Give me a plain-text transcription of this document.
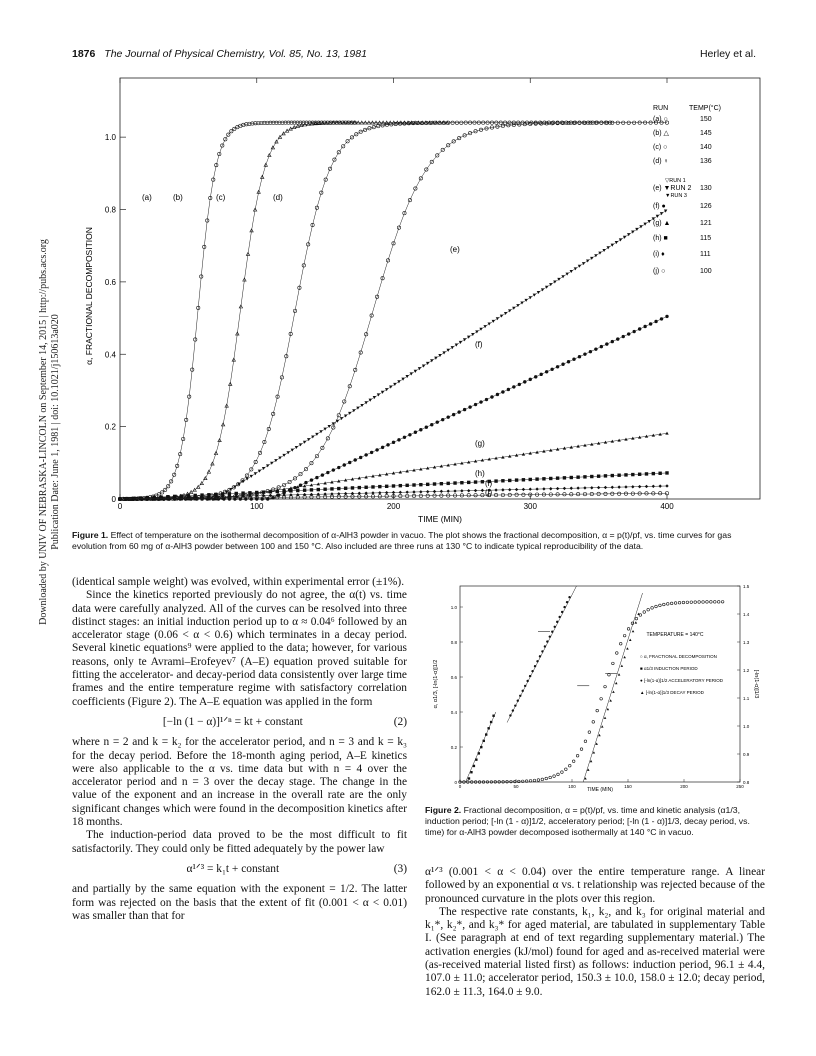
1876 The Journal of Physical Chemistry, Vol. 85, No. 13, 1981	Herley et al.
Downloaded by UNIV OF NEBRASKA-LINCOLN on September 14, 2015 | http://pubs.acs.org Publication Date: June 1, 1981 | doi: 10.1021/j150613a020	0	100	200	300	400
0
0.2
0.4
0.6
0.8
1.0
(a)	(b)	(c)	(d)
(e)
(f)
(g)
(h)
(i)
(j)
α, FRACTIONAL DECOMPOSITION
TIME (MIN)
RUN	TEMP(°C)
(a) ○	150
(b) △	145
(c) ○	140
(d) ♀	136
(e) ▼RUN 2 130
(f) ●	126
(g) ▲	121
(h) ■	115
(i) ♦	111
(j) ○	100
▽RUN 1
▼RUN 3
Figure 1. Effect of temperature on the isothermal decomposition of α-AlH3 powder in vacuo. The plot shows the fractional decomposition, α = p(t)/pf, vs. time curves for gas evolution from 60 mg of α-AlH3 powder between 100 and 150 °C. Also included are three runs at 130 °C to indicate typical reproducibility of the data.

(identical sample weight) was evolved, within experimental error (±1%).

Since the kinetics reported previously do not agree, the α(t) vs. time data were carefully analyzed. All of the curves can be resolved into three distinct stages: an initial induction period up to α ≈ 0.04⁶ followed by an accelerator stage (0.06 < α < 0.6) which terminates in a decay period. Several kinetic equations⁹ were applied to the data; however, for various reasons, only te Avrami–Erofeyev⁷ (A–E) equation proved suitable for fitting the accelerator- and decay-period data consistently over large time frames and the entire temperature regime with satisfactory correlation coefficients (Figure 2). The A–E equation was applied in the form

[−ln (1 − α)]¹ᐟⁿ = kt + constant	(2)

where n = 2 and k = k₂ for the accelerator period, and n = 3 and k = k₃ for the decay period. Before the 18-month aging period, A–E kinetics were also applicable to the α vs. time data but with n = 4 over the accelerator period and n = 3 over the decay stage. The change in the value of the exponent and an increase in the overall rate are the only significant changes which were found in the decomposition kinetics after 18 months.

The induction-period data proved to be the most difficult to fit satisfactorily. They could only be fitted adequately by the power law

α¹ᐟ³ = k₁t + constant	(3)

and partially by the same equation with the exponent = 1/2. The latter form was rejected on the basis that the extent of fit (0.001 < α < 0.01) was smaller than that for

0	50	100	150	200	250
0
0.2
0.4
0.6
0.8
1.0
0.8
0.9
1.0
1.1
1.2
1.3
1.4
1.5
TEMPERATURE = 140°C
○ α, FRACTIONAL DECOMPOSITION
■ α1/3 INDUCTION PERIOD
● [-ln(1-α)]1/2 ACCELERATORY PERIOD
▲ [-ln(1-α)]1/3 DECAY PERIOD
TIME (MIN)
α, α1/3, [-ln(1-α)]1/2	[-ln(1-α)]1/3
Figure 2. Fractional decomposition, α = p(t)/pf, vs. time and kinetic analysis (α1/3, induction period; [-ln (1 - α)]1/2, acceleratory period; [-ln (1 - α)]1/3, decay period, vs. time) for α-AlH3 powder decomposed isothermally at 140 °C in vacuo.

α¹ᐟ³ (0.001 < α < 0.04) over the entire temperature range. A linear followed by an exponential α vs. t relationship was rejected because of the pronounced curvature in the plots over this region.

The respective rate constants, k₁, k₂, and k₃ for original material and k₁*, k₂*, and k₃* for aged material, are tabulated in supplementary Table I. (See paragraph at end of text regarding supplementary material.) The activation energies (kJ/mol) found for aged and as-received material were (as-received material listed first) as follows: induction period, 96.1 ± 4.4, 107.0 ± 11.0; accelerator period, 150.3 ± 10.0, 158.0 ± 12.0; decay period, 162.0 ± 11.3, 164.0 ± 9.0.
